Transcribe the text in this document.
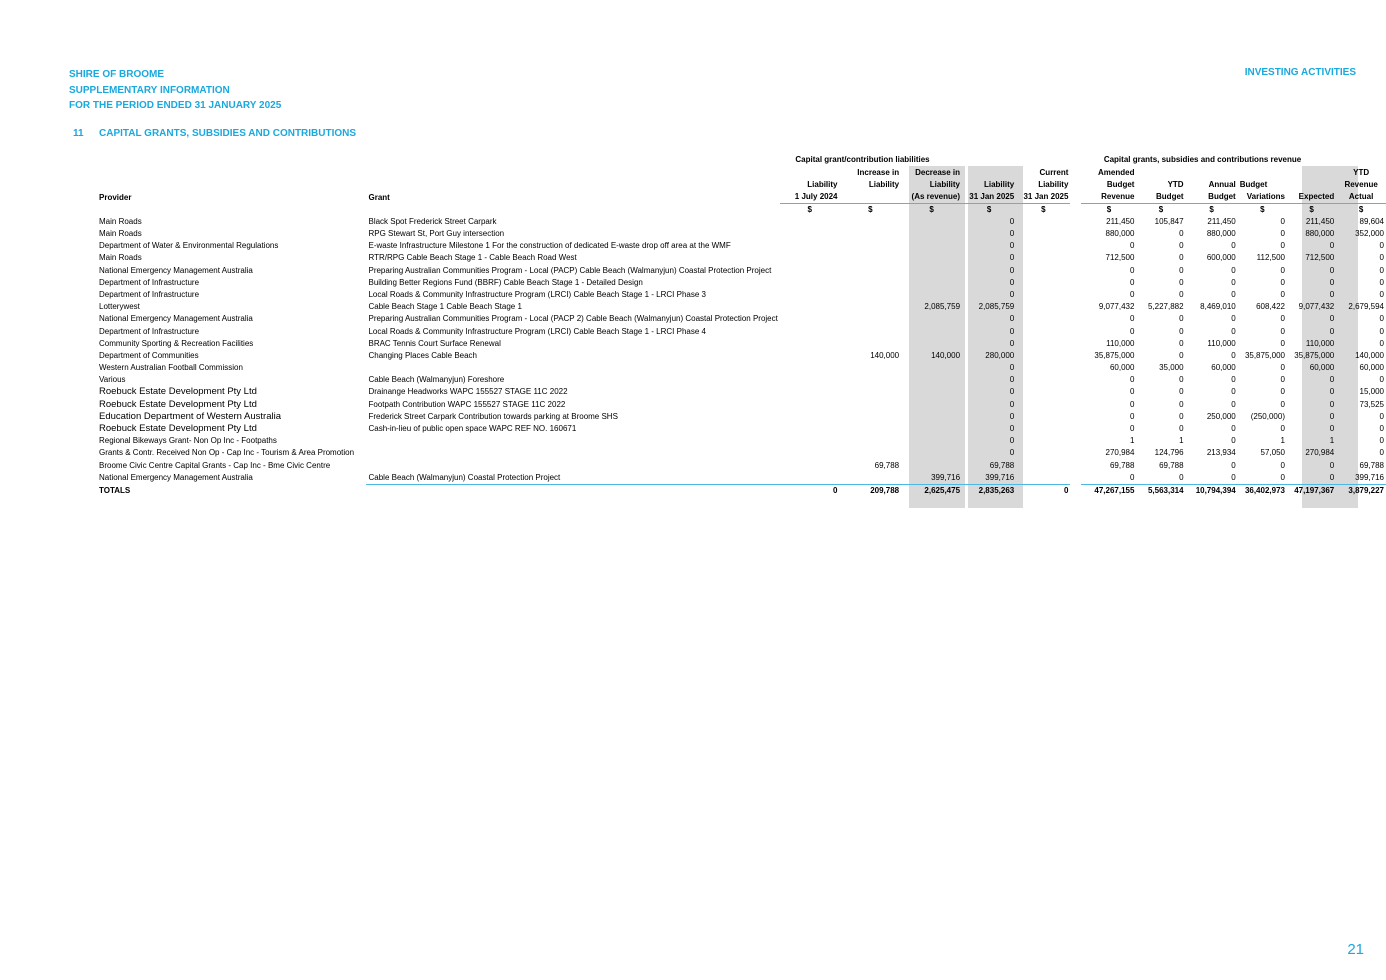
SHIRE OF BROOME
SUPPLEMENTARY INFORMATION
FOR THE PERIOD ENDED 31 JANUARY 2025
INVESTING ACTIVITIES
11 CAPITAL GRANTS, SUBSIDIES AND CONTRIBUTIONS
Capital grant/contribution liabilities	Capital grants, subsidies and contributions revenue
			Increase in	Decrease in		Current		Amended					YTD
		Liability	Liability	Liability	Liability	Liability		Budget	YTD	Annual	Budget		Revenue
Provider	Grant	1 July 2024		(As revenue)	31 Jan 2025	31 Jan 2025		Revenue	Budget	Budget	Variations	Expected	Actual
		$	$	$	$	$		$	$	$	$	$	$
Main Roads	Black Spot Frederick Street Carpark				0			211,450	105,847	211,450	0	211,450	89,604
Main Roads	RPG Stewart St, Port Guy intersection				0			880,000	0	880,000	0	880,000	352,000
Department of Water & Environmental Regulations	E-waste Infrastructure Milestone 1 For the construction of dedicated E-waste drop off area at the WMF				0			0	0	0	0	0	0
Main Roads	RTR/RPG Cable Beach Stage 1 - Cable Beach Road West				0			712,500	0	600,000	112,500	712,500	0
National Emergency Management Australia	Preparing Australian Communities Program - Local (PACP) Cable Beach (Walmanyjun) Coastal Protection Project				0			0	0	0	0	0	0
Department of Infrastructure	Building Better Regions Fund (BBRF) Cable Beach Stage 1 - Detailed Design				0			0	0	0	0	0	0
Department of Infrastructure	Local Roads & Community Infrastructure Program (LRCI) Cable Beach Stage 1 - LRCI Phase 3				0			0	0	0	0	0	0
Lotterywest	Cable Beach Stage 1 Cable Beach Stage 1			2,085,759	2,085,759			9,077,432	5,227,882	8,469,010	608,422	9,077,432	2,679,594
National Emergency Management Australia	Preparing Australian Communities Program - Local (PACP 2) Cable Beach (Walmanyjun) Coastal Protection Project				0			0	0	0	0	0	0
Department of Infrastructure	Local Roads & Community Infrastructure Program (LRCI) Cable Beach Stage 1 - LRCI Phase 4				0			0	0	0	0	0	0
Community Sporting & Recreation Facilities	BRAC Tennis Court Surface Renewal				0			110,000	0	110,000	0	110,000	0
Department of Communities	Changing Places Cable Beach		140,000	140,000	280,000			35,875,000	0	0	35,875,000	35,875,000	140,000
Western Australian Football Commission					0			60,000	35,000	60,000	0	60,000	60,000
Various	Cable Beach (Walmanyjun) Foreshore				0			0	0	0	0	0	0
Roebuck Estate Development Pty Ltd	Drainange Headworks WAPC 155527 STAGE 11C 2022				0			0	0	0	0	0	15,000
Roebuck Estate Development Pty Ltd	Footpath Contribution WAPC 155527 STAGE 11C 2022				0			0	0	0	0	0	73,525
Education Department of Western Australia	Frederick Street Carpark Contribution towards parking at Broome SHS				0			0	0	250,000	(250,000)	0	0
Roebuck Estate Development Pty Ltd	Cash-in-lieu of public open space WAPC REF NO. 160671				0			0	0	0	0	0	0
Regional Bikeways Grant- Non Op Inc - Footpaths					0			1	1	0	1	1	0
Grants & Contr. Received Non Op - Cap Inc - Tourism & Area Promotion					0			270,984	124,796	213,934	57,050	270,984	0
Broome Civic Centre Capital Grants - Cap Inc - Bme Civic Centre			69,788		69,788			69,788	69,788	0	0	0	69,788
National Emergency Management Australia	Cable Beach (Walmanyjun) Coastal Protection Project			399,716	399,716			0	0	0	0	0	399,716
TOTALS		0	209,788	2,625,475	2,835,263	0		47,267,155	5,563,314	10,794,394	36,402,973	47,197,367	3,879,227
21
